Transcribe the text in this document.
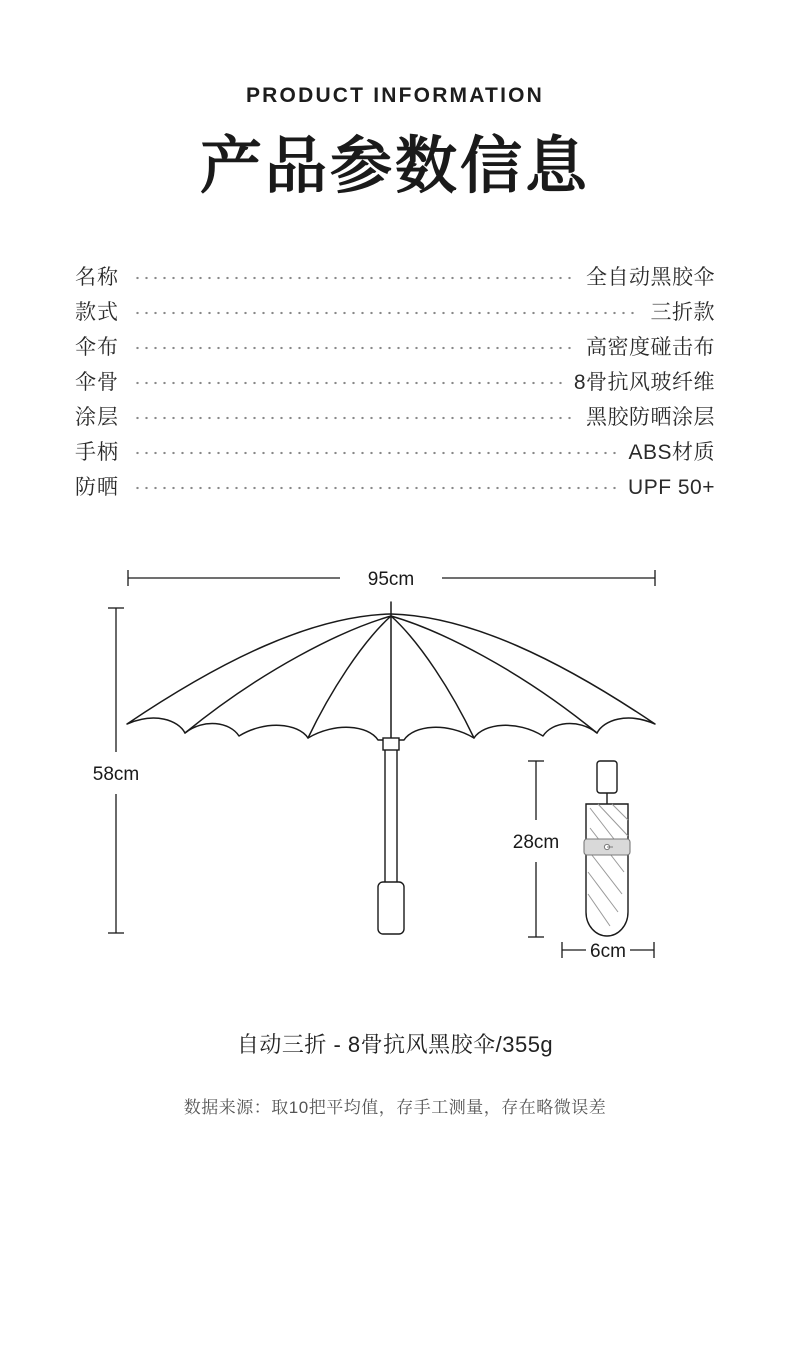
PRODUCT INFORMATION
产品参数信息
名称	全自动黑胶伞
款式	三折款
伞布	高密度碰击布
伞骨	8骨抗风玻纤维
涂层	黑胶防晒涂层
手柄	ABS材质
防晒	UPF 50+
95cm
58cm
28cm
6cm
自动三折 - 8骨抗风黑胶伞/355g
数据来源：取10把平均值，存手工测量，存在略微误差
